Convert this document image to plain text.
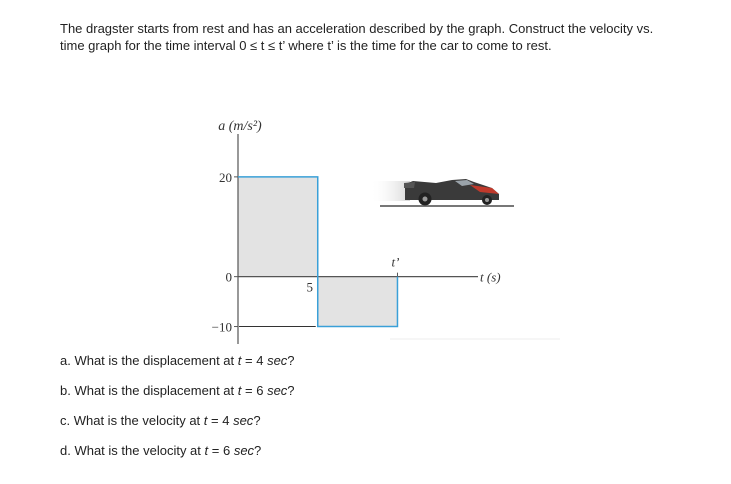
The dragster starts from rest and has an acceleration described by the graph. Construct the velocity vs.
time graph for the time interval 0 ≤ t ≤ t’ where t’ is the time for the car to come to rest.

20
0
−10
5
t’
a (m/s²)
t (s)
a. What is the displacement at t = 4 sec?
b. What is the displacement at t = 6 sec?
c. What is the velocity at t = 4 sec?
d. What is the velocity at t = 6 sec?
